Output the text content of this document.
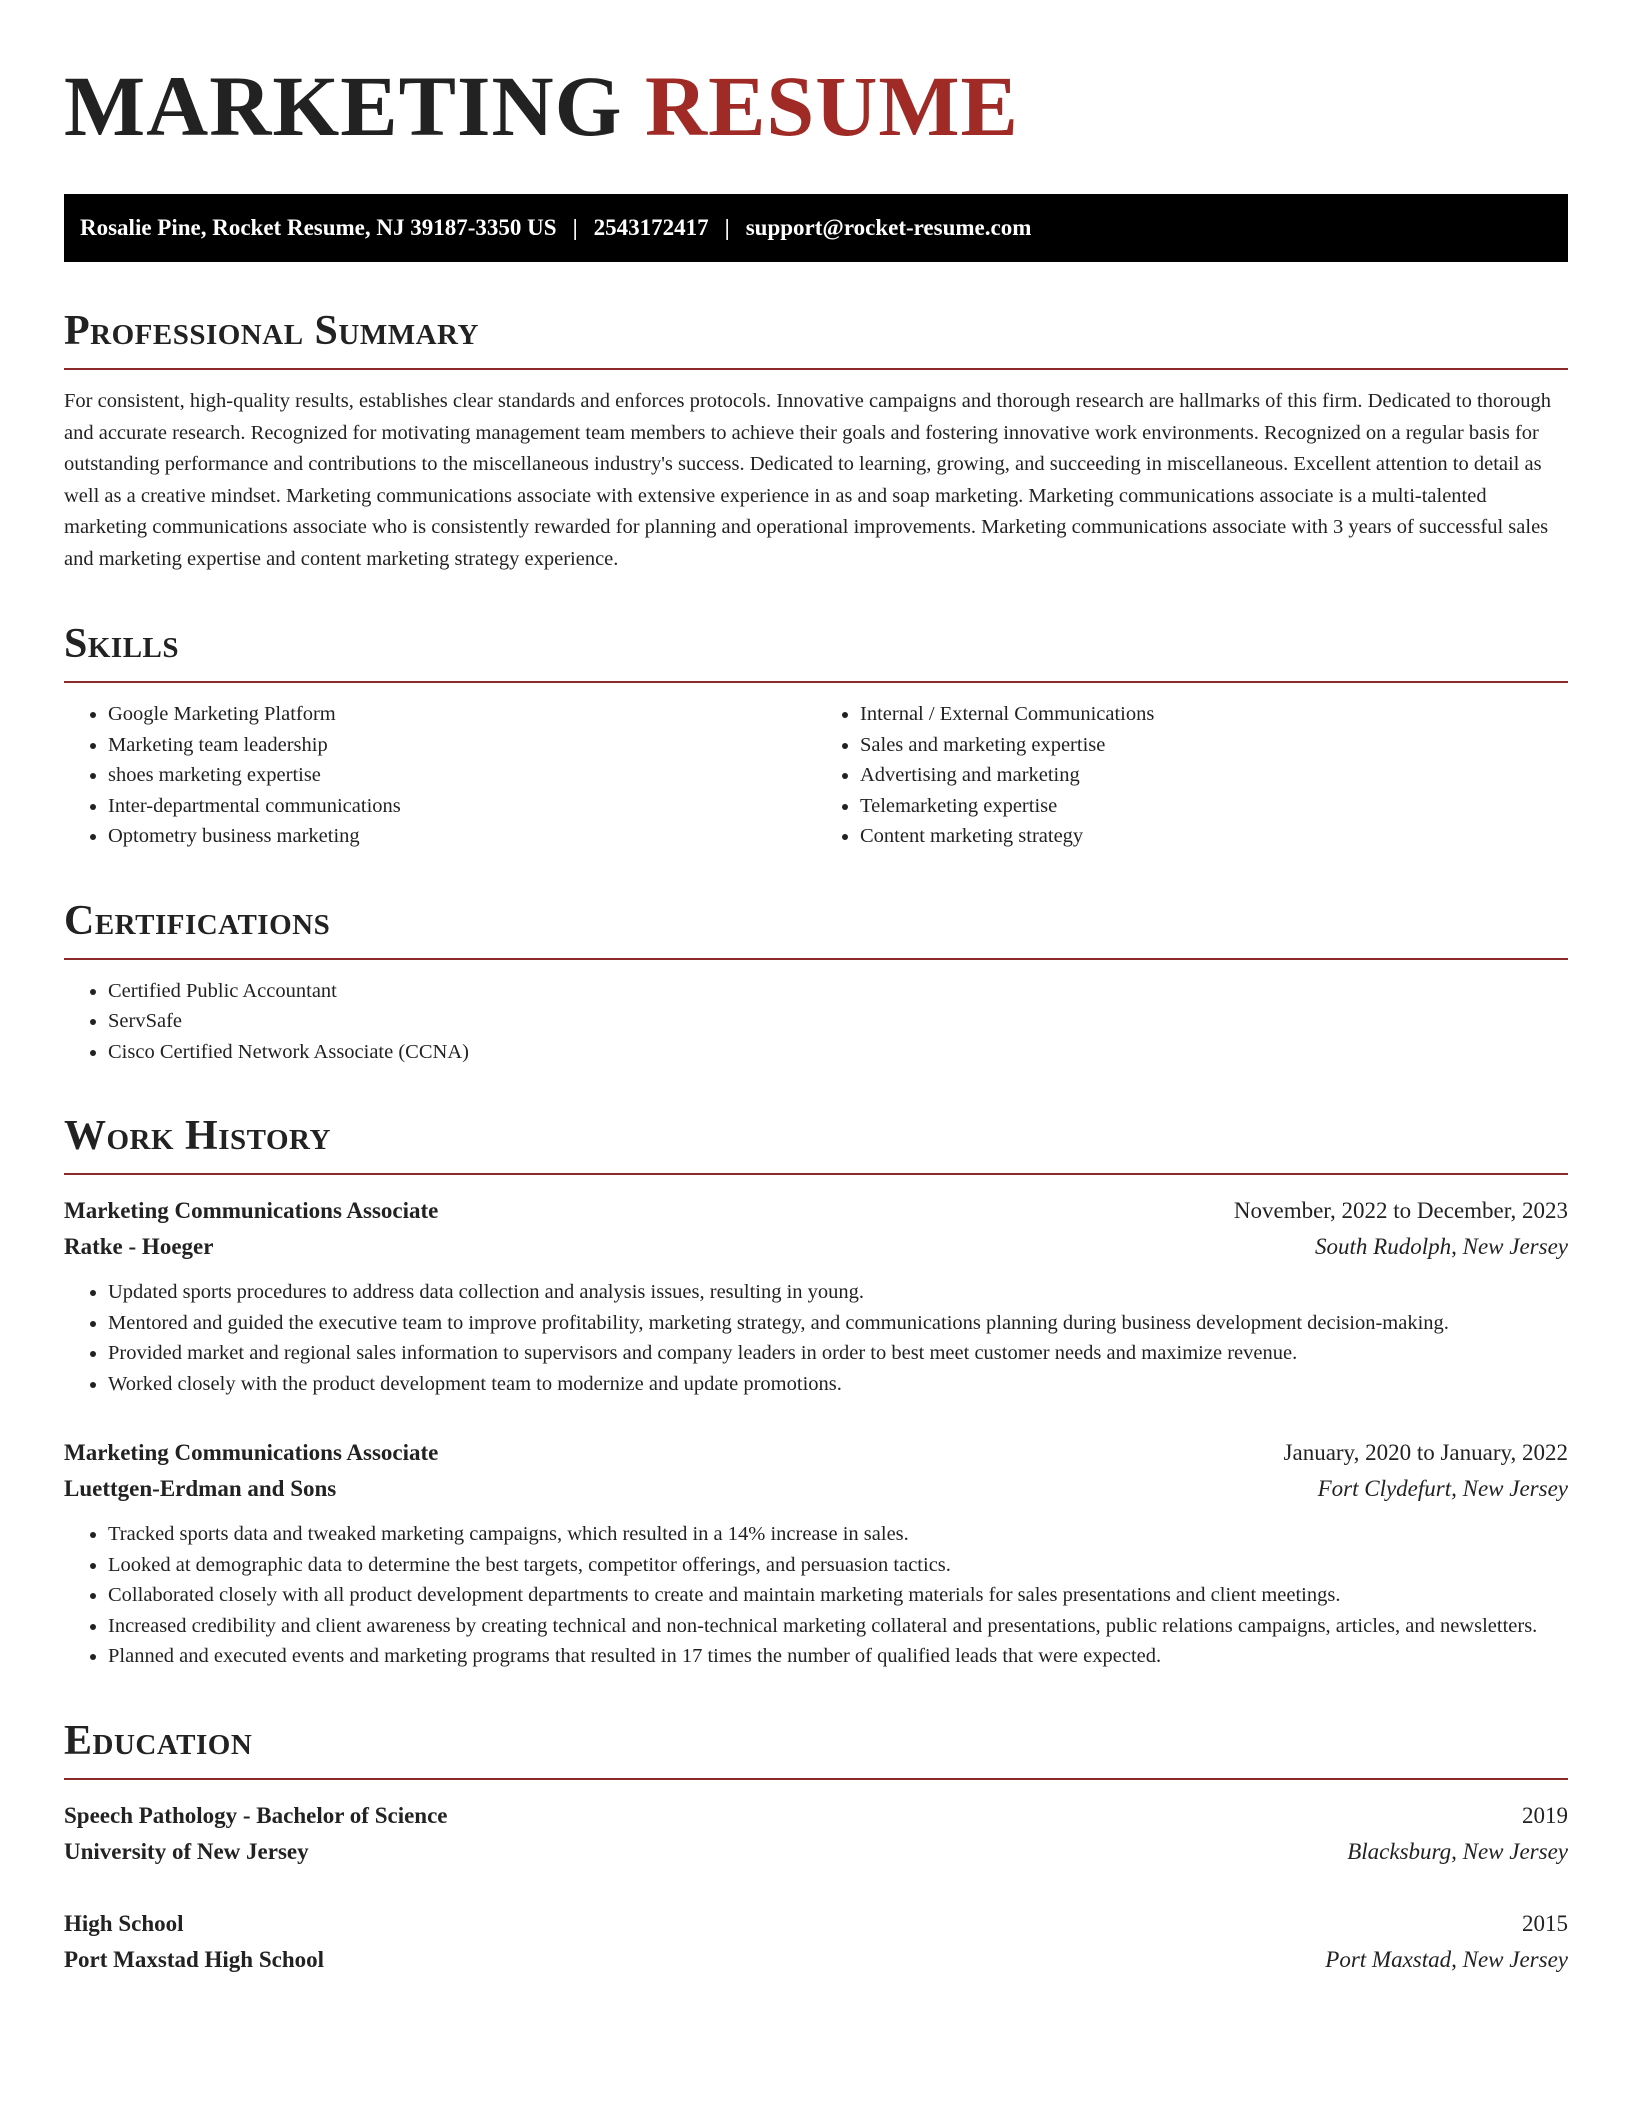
MARKETING RESUME
Rosalie Pine, Rocket Resume, NJ 39187-3350 US | 2543172417 | support@rocket-resume.com
Professional Summary

For consistent, high-quality results, establishes clear standards and enforces protocols. Innovative campaigns and thorough research are hallmarks of this firm. Dedicated to thorough and accurate research. Recognized for motivating management team members to achieve their goals and fostering innovative work environments. Recognized on a regular basis for outstanding performance and contributions to the miscellaneous industry's success. Dedicated to learning, growing, and succeeding in miscellaneous. Excellent attention to detail as well as a creative mindset. Marketing communications associate with extensive experience in as and soap marketing. Marketing communications associate is a multi-talented marketing communications associate who is consistently rewarded for planning and operational improvements. Marketing communications associate with 3 years of successful sales and marketing expertise and content marketing strategy experience.

Skills
• Google Marketing Platform
• Marketing team leadership
• shoes marketing expertise
• Inter-departmental communications
• Optometry business marketing
• Internal / External Communications
• Sales and marketing expertise
• Advertising and marketing
• Telemarketing expertise
• Content marketing strategy
Certifications
• Certified Public Accountant
• ServSafe
• Cisco Certified Network Associate (CCNA)
Work History
Marketing Communications Associate	November, 2022 to December, 2023
Ratke - Hoeger	South Rudolph, New Jersey
• Updated sports procedures to address data collection and analysis issues, resulting in young.
• Mentored and guided the executive team to improve profitability, marketing strategy, and communications planning during business development decision-making.
• Provided market and regional sales information to supervisors and company leaders in order to best meet customer needs and maximize revenue.
• Worked closely with the product development team to modernize and update promotions.
Marketing Communications Associate	January, 2020 to January, 2022
Luettgen-Erdman and Sons	Fort Clydefurt, New Jersey
• Tracked sports data and tweaked marketing campaigns, which resulted in a 14% increase in sales.
• Looked at demographic data to determine the best targets, competitor offerings, and persuasion tactics.
• Collaborated closely with all product development departments to create and maintain marketing materials for sales presentations and client meetings.
• Increased credibility and client awareness by creating technical and non-technical marketing collateral and presentations, public relations campaigns, articles, and newsletters.
• Planned and executed events and marketing programs that resulted in 17 times the number of qualified leads that were expected.
Education
Speech Pathology - Bachelor of Science	2019
University of New Jersey	Blacksburg, New Jersey
High School	2015
Port Maxstad High School	Port Maxstad, New Jersey
